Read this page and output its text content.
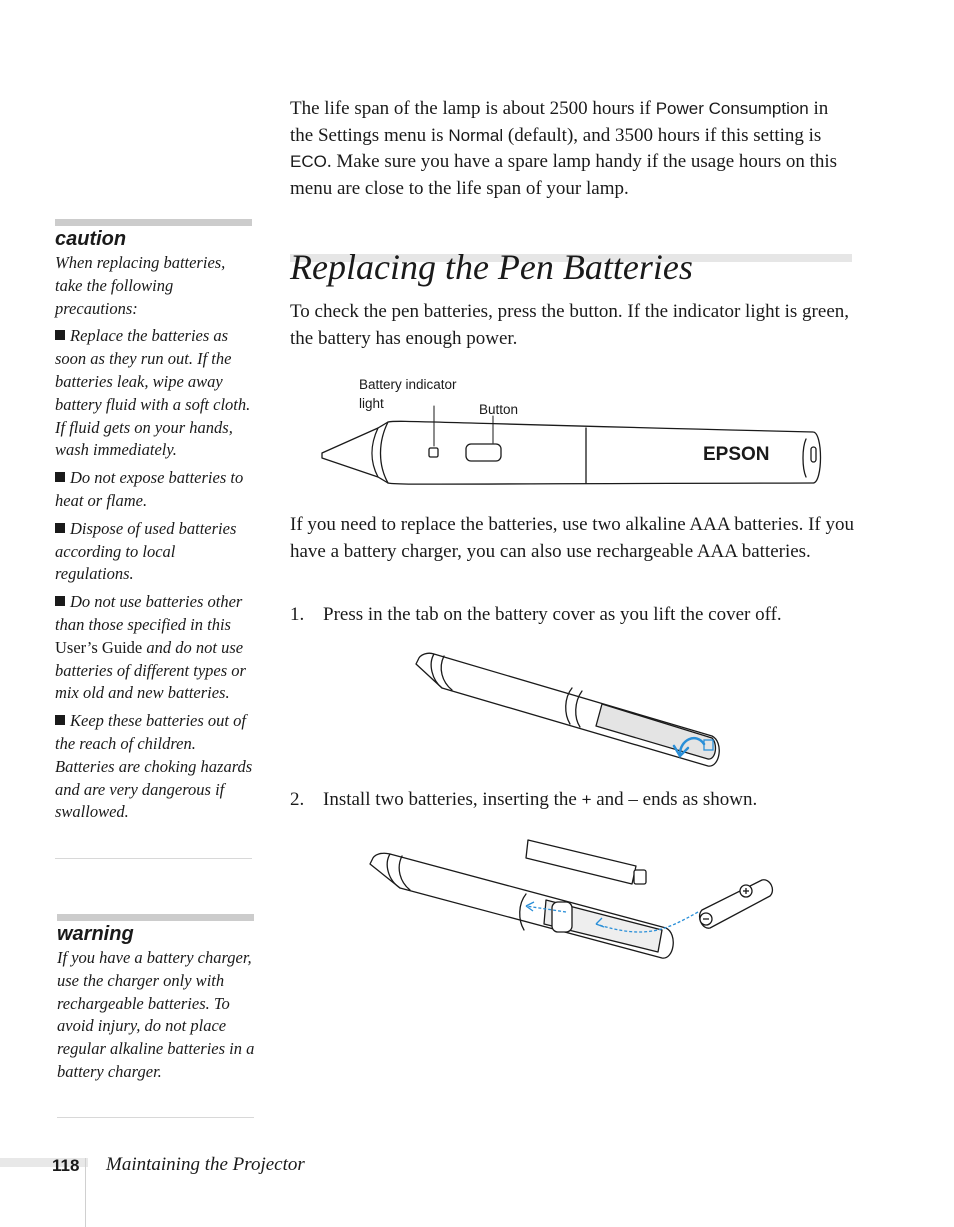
The life span of the lamp is about 2500 hours if Power Consumption in the Settings menu is Normal (default), and 3500 hours if this setting is ECO. Make sure you have a spare lamp handy if the usage hours on this menu are close to the life span of your lamp.

Replacing the Pen Batteries

To check the pen batteries, press the button. If the indicator light is green, the battery has enough power.

EPSON
Battery indicator light	Button

If you need to replace the batteries, use two alkaline AAA batteries. If you have a battery charger, you can also use rechargeable AAA batteries.

1. Press in the tab on the battery cover as you lift the cover off.

2. Install two batteries, inserting the + and – ends as shown.

caution

When replacing batteries, take the following precautions:

Replace the batteries as soon as they run out. If the batteries leak, wipe away battery fluid with a soft cloth. If fluid gets on your hands, wash immediately.

Do not expose batteries to heat or flame.

Dispose of used batteries according to local regulations.

Do not use batteries other than those specified in this User’s Guide and do not use batteries of different types or mix old and new batteries.

Keep these batteries out of the reach of children. Batteries are choking hazards and are very dangerous if swallowed.

warning

If you have a battery charger, use the charger only with rechargeable batteries. To avoid injury, do not place regular alkaline batteries in a battery charger.

118 Maintaining the Projector
